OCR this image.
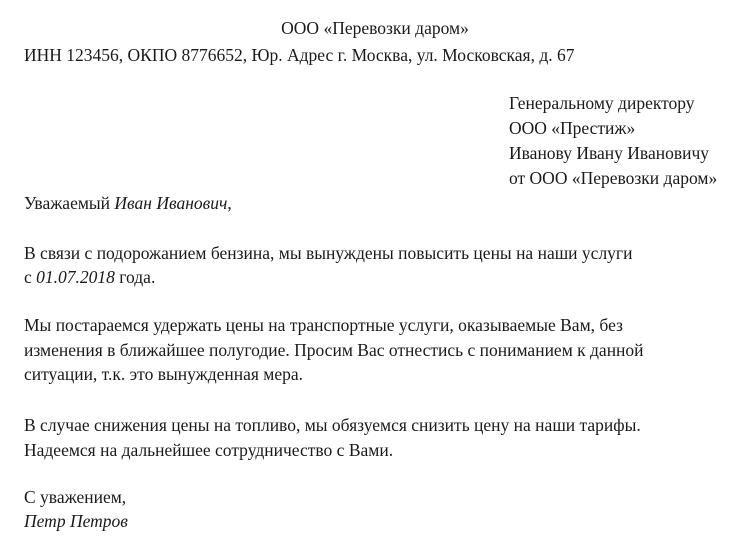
ООО «Перевозки даром»
ИНН 123456, ОКПО 8776652, Юр. Адрес г. Москва, ул. Московская, д. 67
Генеральному директору
ООО «Престиж»
Иванову Ивану Ивановичу
от ООО «Перевозки даром»
Уважаемый Иван Иванович,
В связи с подорожанием бензина, мы вынуждены повысить цены на наши услуги
с 01.07.2018 года.
Мы постараемся удержать цены на транспортные услуги, оказываемые Вам, без
изменения в ближайшее полугодие. Просим Вас отнестись с пониманием к данной
ситуации, т.к. это вынужденная мера.
В случае снижения цены на топливо, мы обязуемся снизить цену на наши тарифы.
Надеемся на дальнейшее сотрудничество с Вами.
С уважением,
Петр Петров
